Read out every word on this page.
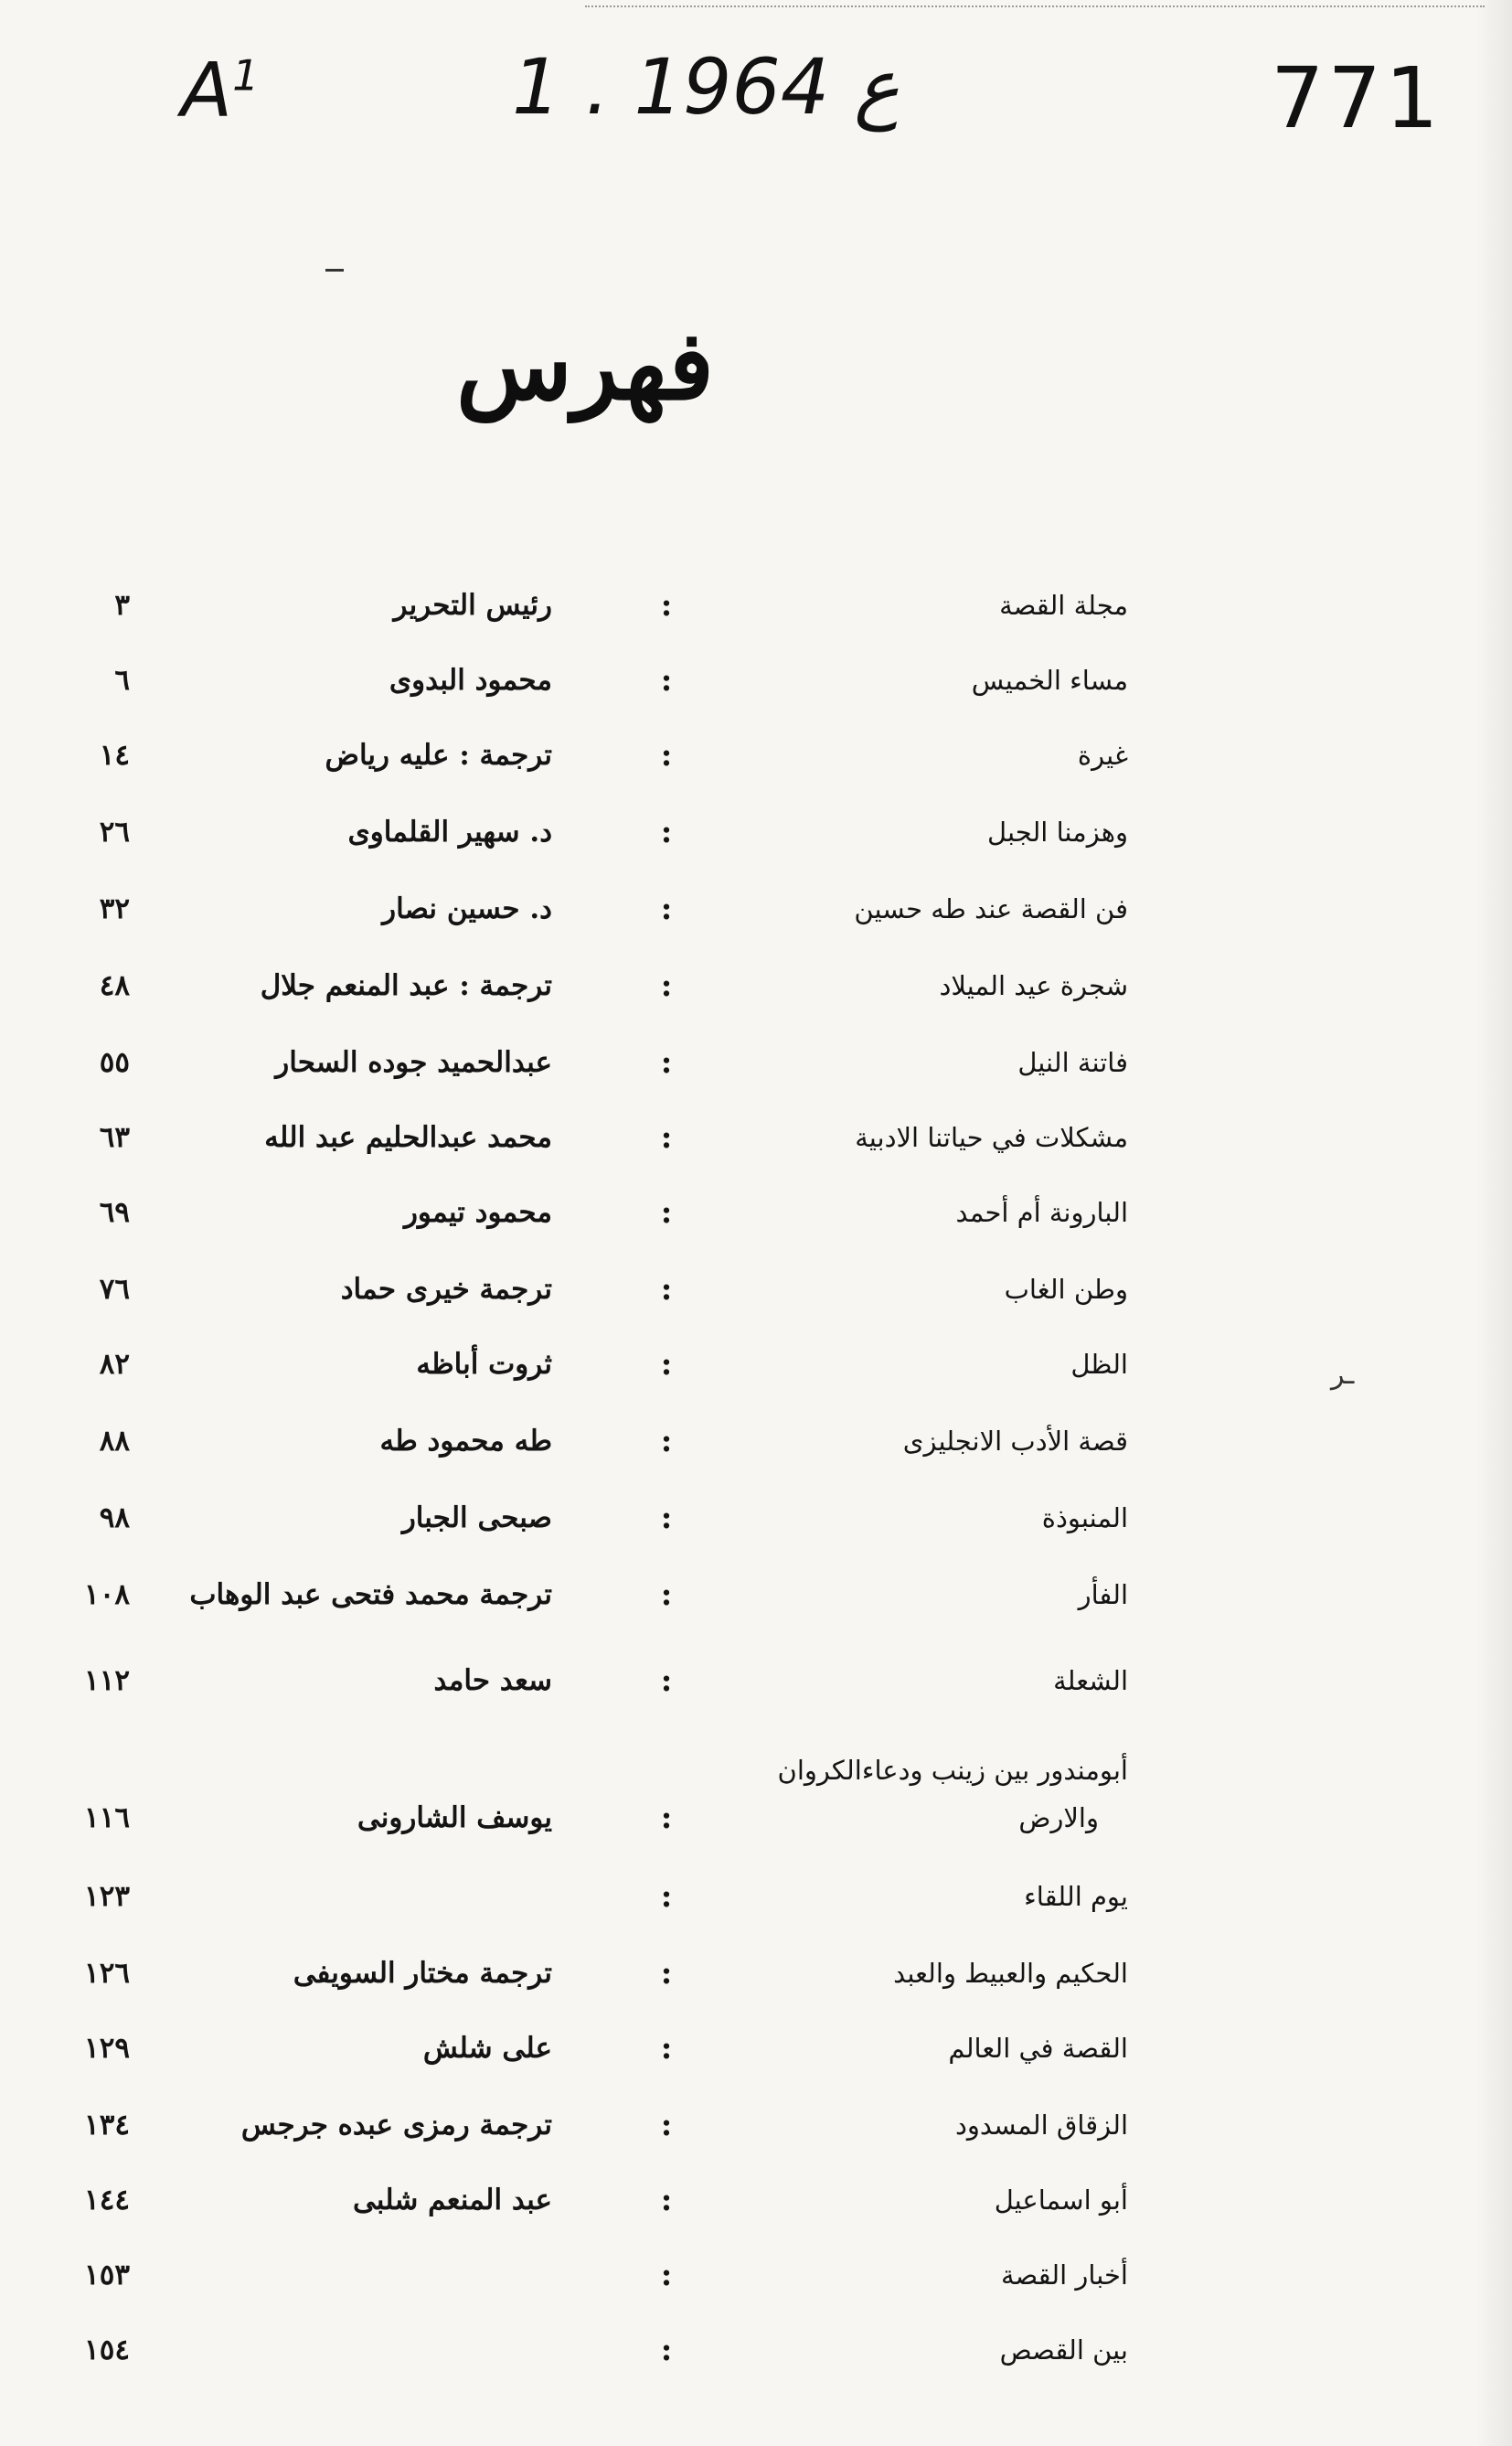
$A^1$	1 . ع 1964	771
فهرس
مجلة القصة
:
رئيس التحرير
٣
مساء الخميس
:
محمود البدوى
٦
غيرة
:
ترجمة : عليه رياض
١٤
وهزمنا الجبل
:
د. سهير القلماوى
٢٦
فن القصة عند طه حسين
:
د. حسين نصار
٣٢
شجرة عيد الميلاد
:
ترجمة : عبد المنعم جلال
٤٨
فاتنة النيل
:
عبدالحميد جوده السحار
٥٥
مشكلات في حياتنا الادبية
:
محمد عبدالحليم عبد الله
٦٣
البارونة أم أحمد
:
محمود تيمور
٦٩
وطن الغاب
:
ترجمة خيرى حماد
٧٦
الظل
:
ثروت أباظه
٨٢
قصة الأدب الانجليزى
:
طه محمود طه
٨٨
المنبوذة
:
صبحى الجبار
٩٨
الفأر
:
ترجمة محمد فتحى عبد الوهاب
١٠٨
الشعلة
:
سعد حامد
١١٢
أبومندور بين زينب ودعاءالكروان
والارض
:
يوسف الشارونى
١١٦
يوم اللقاء
:
١٢٣
الحكيم والعبيط والعبد
:
ترجمة مختار السويفى
١٢٦
القصة في العالم
:
على شلش
١٢٩
الزقاق المسدود
:
ترجمة رمزى عبده جرجس
١٣٤
أبو اسماعيل
:
عبد المنعم شلبى
١٤٤
أخبار القصة
:
١٥٣
بين القصص
:
١٥٤
ـر
